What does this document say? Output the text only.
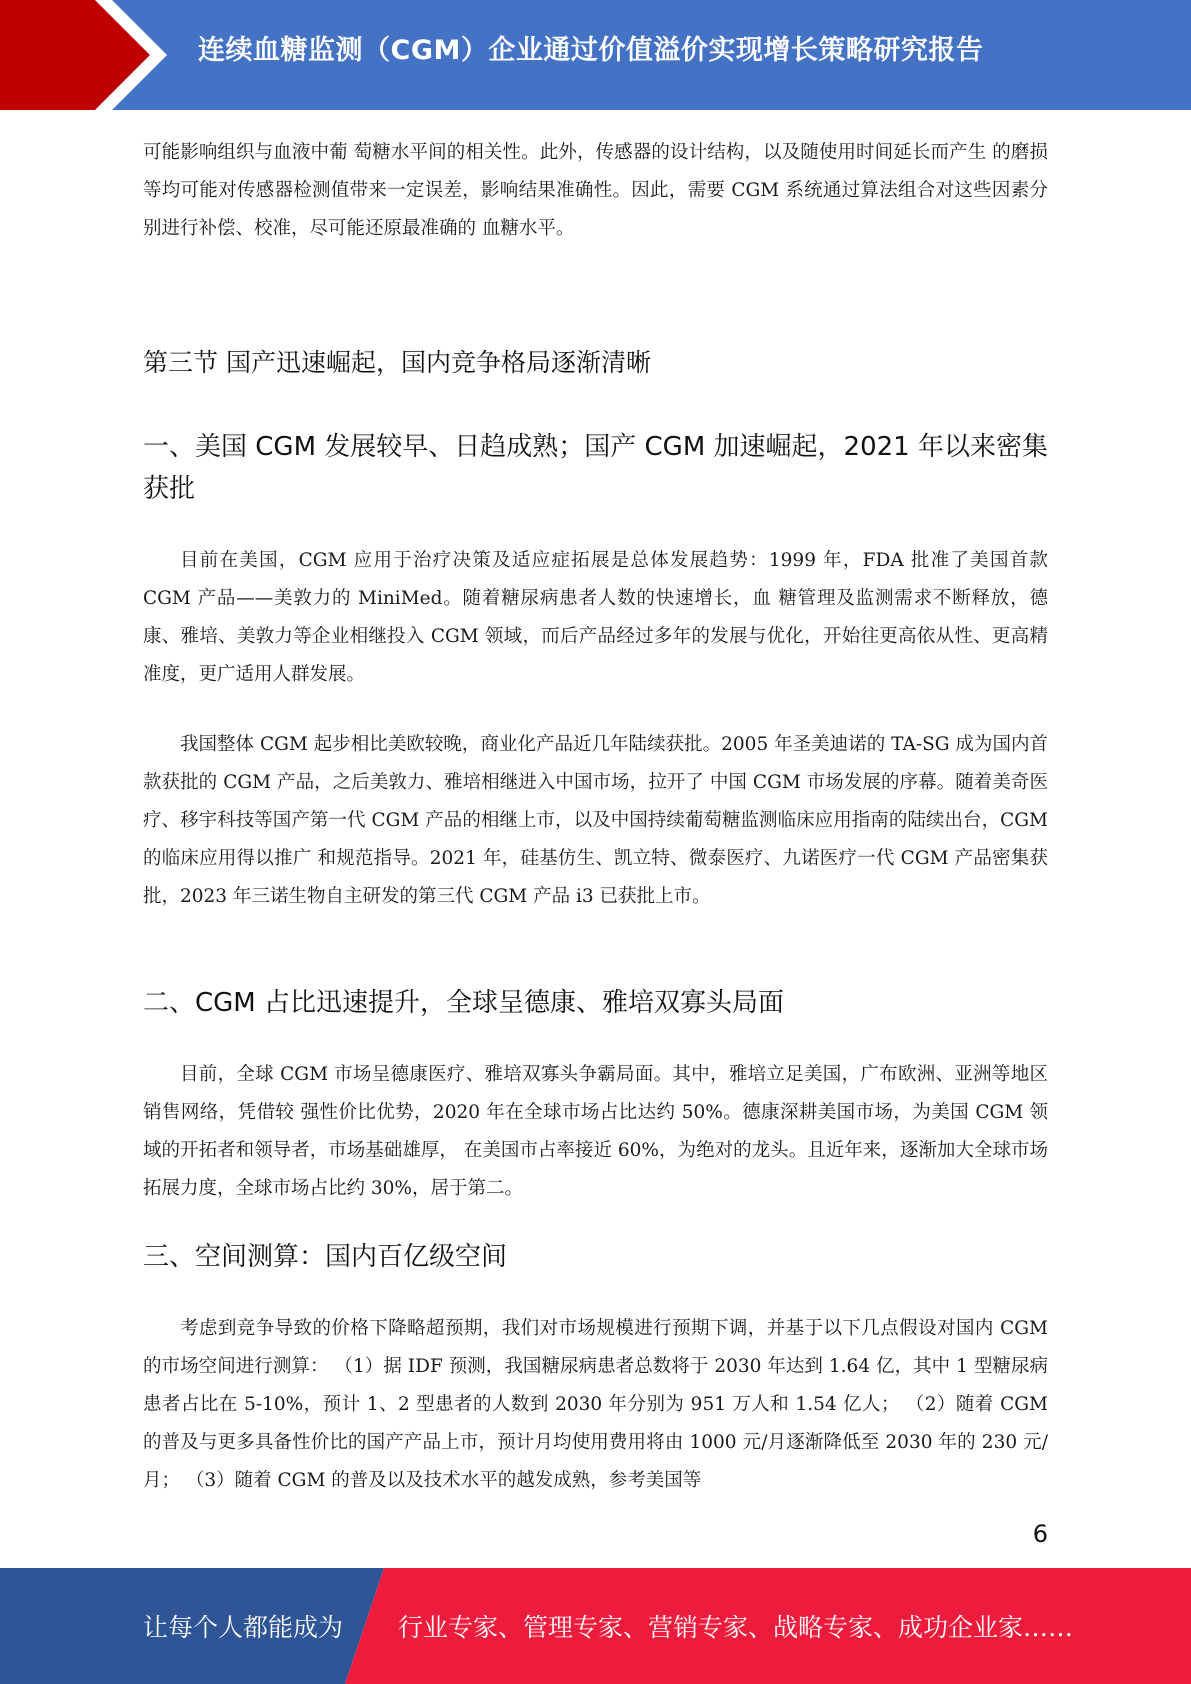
连续血糖监测（CGM）企业通过价值溢价实现增长策略研究报告

可能影响组织与血液中葡 萄糖水平间的相关性。此外，传感器的设计结构，以及随使用时间延长而产生 的磨损等均可能对传感器检测值带来一定误差，影响结果准确性。因此，需要 CGM 系统通过算法组合对这些因素分别进行补偿、校准，尽可能还原最准确的 血糖水平。

第三节 国产迅速崛起，国内竞争格局逐渐清晰
一、美国 CGM 发展较早、日趋成熟；国产 CGM 加速崛起，2021 年以来密集获批

目前在美国，CGM 应用于治疗决策及适应症拓展是总体发展趋势：1999 年，FDA 批准了美国首款 CGM 产品——美敦力的 MiniMed。随着糖尿病患者人数的快速增长，血 糖管理及监测需求不断释放，德康、雅培、美敦力等企业相继投入 CGM 领域，而后产品经过多年的发展与优化，开始往更高依从性、更高精准度，更广适用人群发展。

我国整体 CGM 起步相比美欧较晚，商业化产品近几年陆续获批。2005 年圣美迪诺的 TA-SG 成为国内首款获批的 CGM 产品，之后美敦力、雅培相继进入中国市场，拉开了 中国 CGM 市场发展的序幕。随着美奇医疗、移宇科技等国产第一代 CGM 产品的相继上市，以及中国持续葡萄糖监测临床应用指南的陆续出台，CGM 的临床应用得以推广 和规范指导。2021 年，硅基仿生、凯立特、微泰医疗、九诺医疗一代 CGM 产品密集获批，2023 年三诺生物自主研发的第三代 CGM 产品 i3 已获批上市。

二、CGM 占比迅速提升，全球呈德康、雅培双寡头局面

目前，全球 CGM 市场呈德康医疗、雅培双寡头争霸局面。其中，雅培立足美国，广布欧洲、亚洲等地区销售网络，凭借较 强性价比优势，2020 年在全球市场占比达约 50%。德康深耕美国市场，为美国 CGM 领域的开拓者和领导者，市场基础雄厚， 在美国市占率接近 60%，为绝对的龙头。且近年来，逐渐加大全球市场拓展力度，全球市场占比约 30%，居于第二。

三、空间测算：国内百亿级空间

考虑到竞争导致的价格下降略超预期，我们对市场规模进行预期下调，并基于以下几点假设对国内 CGM 的市场空间进行测算： （1）据 IDF 预测，我国糖尿病患者总数将于 2030 年达到 1.64 亿，其中 1 型糖尿病患者占比在 5-10%，预计 1、2 型患者的人数到 2030 年分别为 951 万人和 1.54 亿人； （2）随着 CGM 的普及与更多具备性价比的国产产品上市，预计月均使用费用将由 1000 元/月逐渐降低至 2030 年的 230 元/月； （3）随着 CGM 的普及以及技术水平的越发成熟，参考美国等

6
让每个人都能成为 行业专家、管理专家、营销专家、战略专家、成功企业家……
